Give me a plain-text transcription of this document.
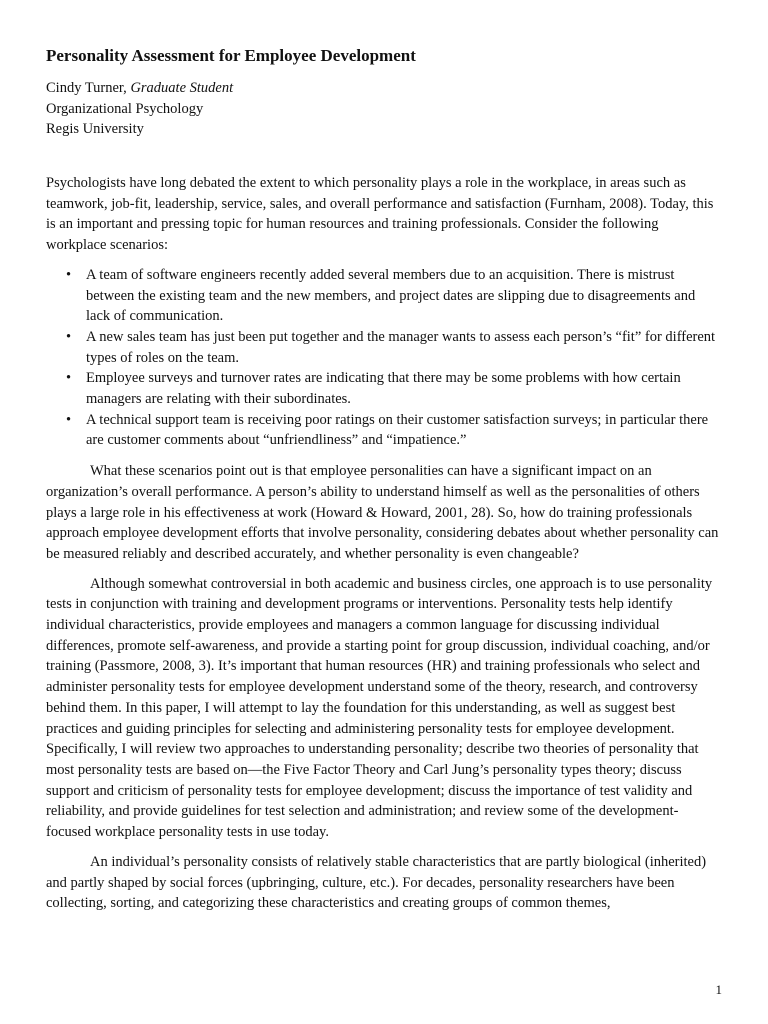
Personality Assessment for Employee Development
Cindy Turner, Graduate Student
Organizational Psychology
Regis University

Psychologists have long debated the extent to which personality plays a role in the workplace, in areas such as teamwork, job-fit, leadership, service, sales, and overall performance and satisfaction (Furnham, 2008). Today, this is an important and pressing topic for human resources and training professionals. Consider the following workplace scenarios:

• A team of software engineers recently added several members due to an acquisition. There is mistrust between the existing team and the new members, and project dates are slipping due to disagreements and lack of communication.
• A new sales team has just been put together and the manager wants to assess each person’s “fit” for different types of roles on the team.
• Employee surveys and turnover rates are indicating that there may be some problems with how certain managers are relating with their subordinates.
• A technical support team is receiving poor ratings on their customer satisfaction surveys; in particular there are customer comments about “unfriendliness” and “impatience.”

What these scenarios point out is that employee personalities can have a significant impact on an organization’s overall performance. A person’s ability to understand himself as well as the personalities of others plays a large role in his effectiveness at work (Howard & Howard, 2001, 28). So, how do training professionals approach employee development efforts that involve personality, considering debates about whether personality can be measured reliably and described accurately, and whether personality is even changeable?

Although somewhat controversial in both academic and business circles, one approach is to use personality tests in conjunction with training and development programs or interventions. Personality tests help identify individual characteristics, provide employees and managers a common language for discussing individual differences, promote self-awareness, and provide a starting point for group discussion, individual coaching, and/or training (Passmore, 2008, 3). It’s important that human resources (HR) and training professionals who select and administer personality tests for employee development understand some of the theory, research, and controversy behind them. In this paper, I will attempt to lay the foundation for this understanding, as well as suggest best practices and guiding principles for selecting and administering personality tests for employee development. Specifically, I will review two approaches to understanding personality; describe two theories of personality that most personality tests are based on—the Five Factor Theory and Carl Jung’s personality types theory; discuss support and criticism of personality tests for employee development; discuss the importance of test validity and reliability, and provide guidelines for test selection and administration; and review some of the development-focused workplace personality tests in use today.

An individual’s personality consists of relatively stable characteristics that are partly biological (inherited) and partly shaped by social forces (upbringing, culture, etc.). For decades, personality researchers have been collecting, sorting, and categorizing these characteristics and creating groups of common themes,

1
